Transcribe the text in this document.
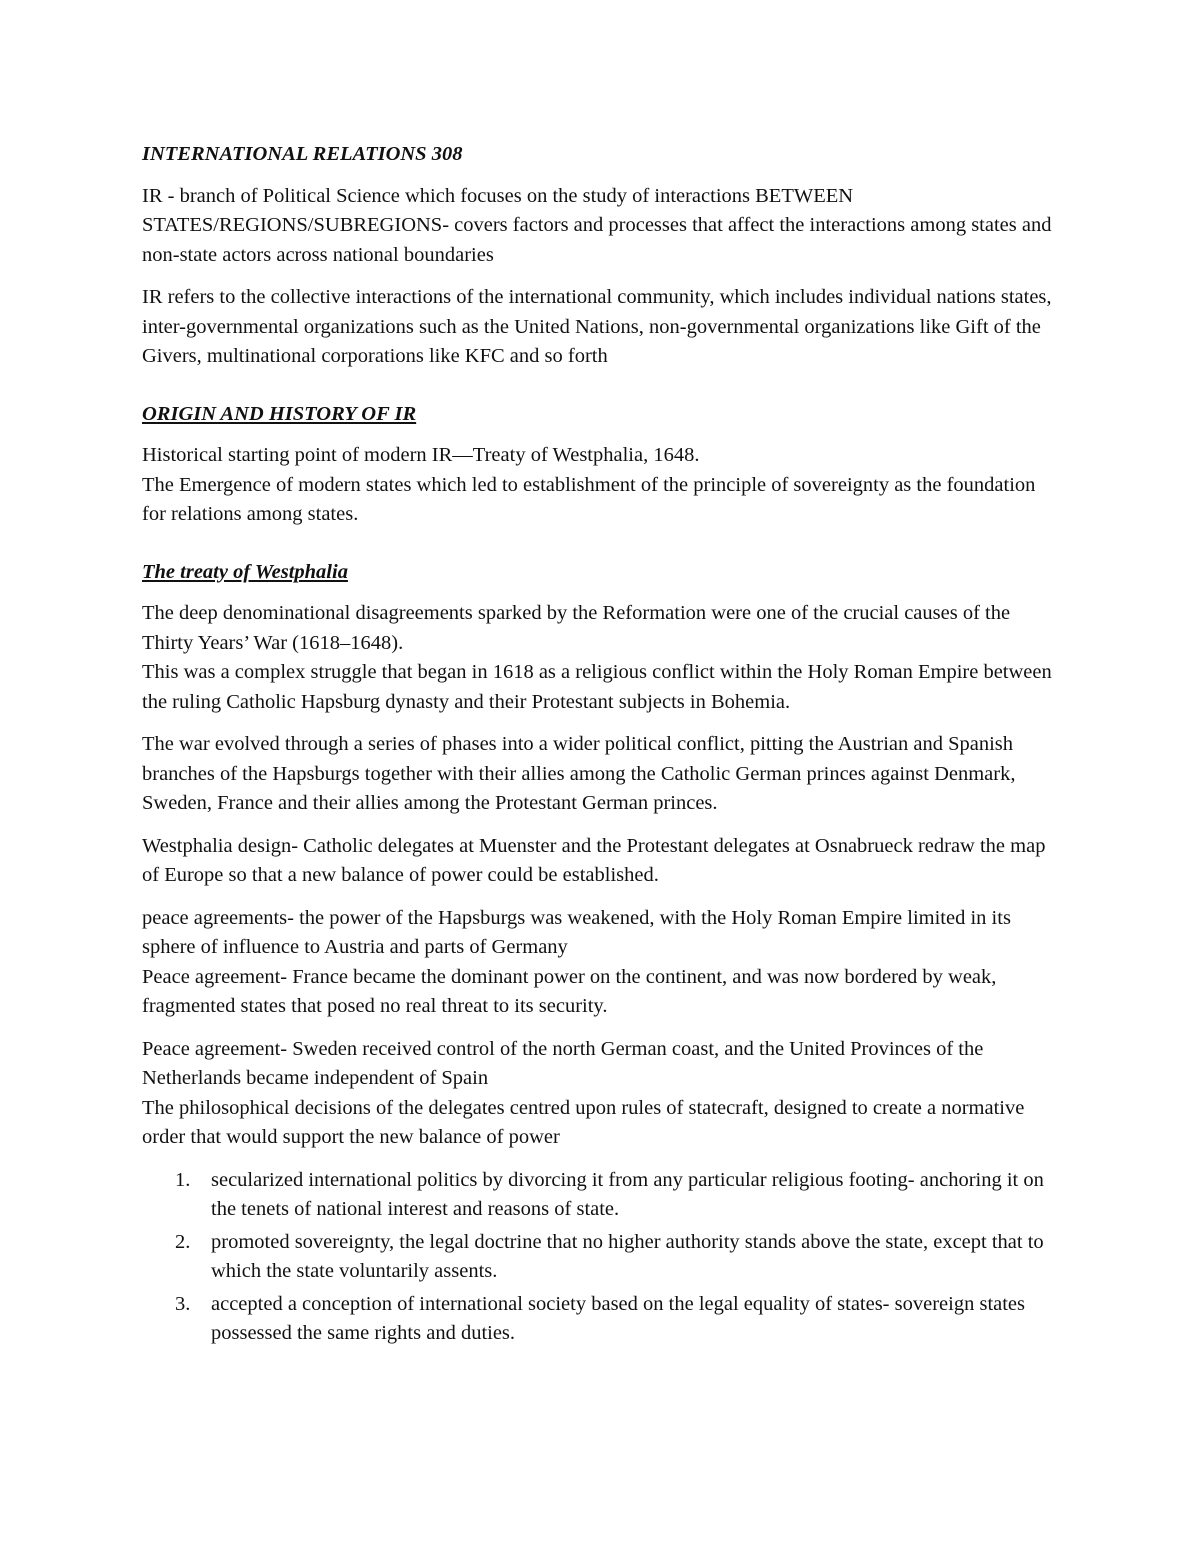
INTERNATIONAL RELATIONS 308

IR - branch of Political Science which focuses on the study of interactions BETWEEN STATES/REGIONS/SUBREGIONS- covers factors and processes that affect the interactions among states and non-state actors across national boundaries

IR refers to the collective interactions of the international community, which includes individual nations states, inter-governmental organizations such as the United Nations, non-governmental organizations like Gift of the Givers, multinational corporations like KFC and so forth

ORIGIN AND HISTORY OF IR

Historical starting point of modern IR—Treaty of Westphalia, 1648.

The Emergence of modern states which led to establishment of the principle of sovereignty as the foundation for relations among states.

The treaty of Westphalia

The deep denominational disagreements sparked by the Reformation were one of the crucial causes of the Thirty Years’ War (1618–1648).

This was a complex struggle that began in 1618 as a religious conflict within the Holy Roman Empire between the ruling Catholic Hapsburg dynasty and their Protestant subjects in Bohemia.

The war evolved through a series of phases into a wider political conflict, pitting the Austrian and Spanish branches of the Hapsburgs together with their allies among the Catholic German princes against Denmark, Sweden, France and their allies among the Protestant German princes.

Westphalia design- Catholic delegates at Muenster and the Protestant delegates at Osnabrueck redraw the map of Europe so that a new balance of power could be established.

peace agreements- the power of the Hapsburgs was weakened, with the Holy Roman Empire limited in its sphere of influence to Austria and parts of Germany

Peace agreement- France became the dominant power on the continent, and was now bordered by weak, fragmented states that posed no real threat to its security.

Peace agreement- Sweden received control of the north German coast, and the United Provinces of the Netherlands became independent of Spain

The philosophical decisions of the delegates centred upon rules of statecraft, designed to create a normative order that would support the new balance of power

1. secularized international politics by divorcing it from any particular religious footing- anchoring it on the tenets of national interest and reasons of state.
2. promoted sovereignty, the legal doctrine that no higher authority stands above the state, except that to which the state voluntarily assents.
3. accepted a conception of international society based on the legal equality of states- sovereign states possessed the same rights and duties.
